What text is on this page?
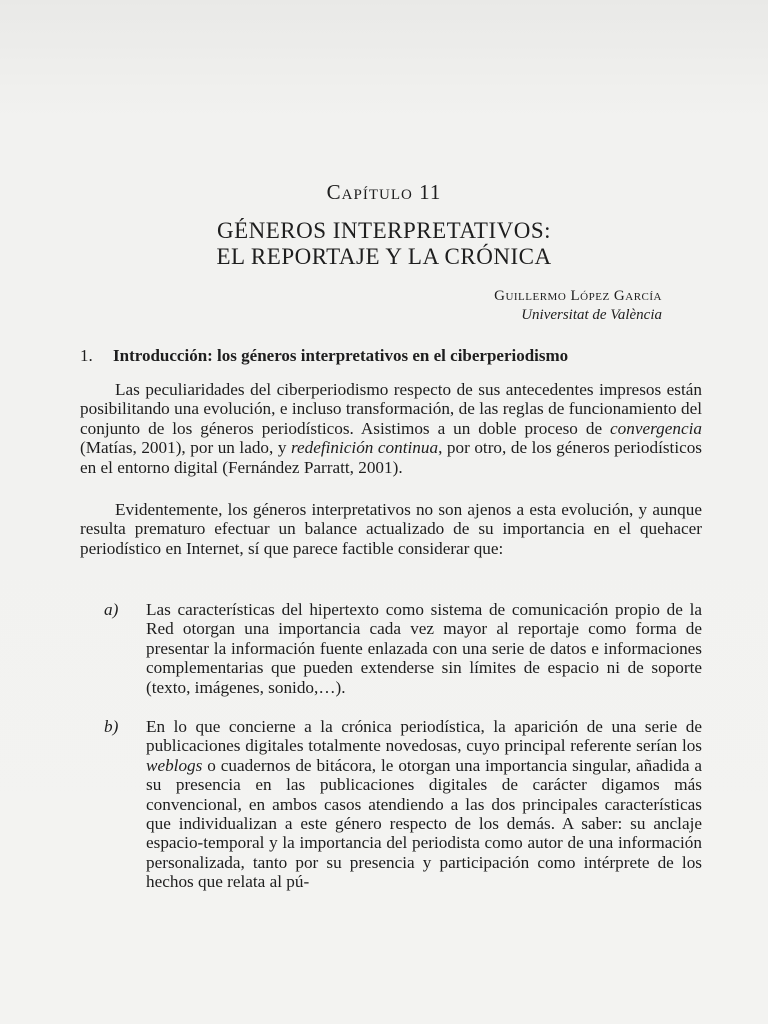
Capítulo 11
GÉNEROS INTERPRETATIVOS:
EL REPORTAJE Y LA CRÓNICA
Guillermo López García
Universitat de València
1. Introducción: los géneros interpretativos en el ciberperiodismo

Las peculiaridades del ciberperiodismo respecto de sus antecedentes impresos están posibilitando una evolución, e incluso transformación, de las reglas de funcionamiento del conjunto de los géneros periodísticos. Asistimos a un doble proceso de convergencia (Matías, 2001), por un lado, y redefinición continua, por otro, de los géneros periodísticos en el entorno digital (Fernández Parratt, 2001).

Evidentemente, los géneros interpretativos no son ajenos a esta evolución, y aunque resulta prematuro efectuar un balance actualizado de su importancia en el quehacer periodístico en Internet, sí que parece factible considerar que:

a) Las características del hipertexto como sistema de comunicación propio de la Red otorgan una importancia cada vez mayor al reportaje como forma de presentar la información fuente enlazada con una serie de datos e informaciones complementarias que pueden extenderse sin límites de espacio ni de soporte (texto, imágenes, sonido,…).
b) En lo que concierne a la crónica periodística, la aparición de una serie de publicaciones digitales totalmente novedosas, cuyo principal referente serían los weblogs o cuadernos de bitácora, le otorgan una importancia singular, añadida a su presencia en las publicaciones digitales de carácter digamos más convencional, en ambos casos atendiendo a las dos principales características que individualizan a este género respecto de los demás. A saber: su anclaje espacio-temporal y la importancia del periodista como autor de una información personalizada, tanto por su presencia y participación como intérprete de los hechos que relata al pú-
